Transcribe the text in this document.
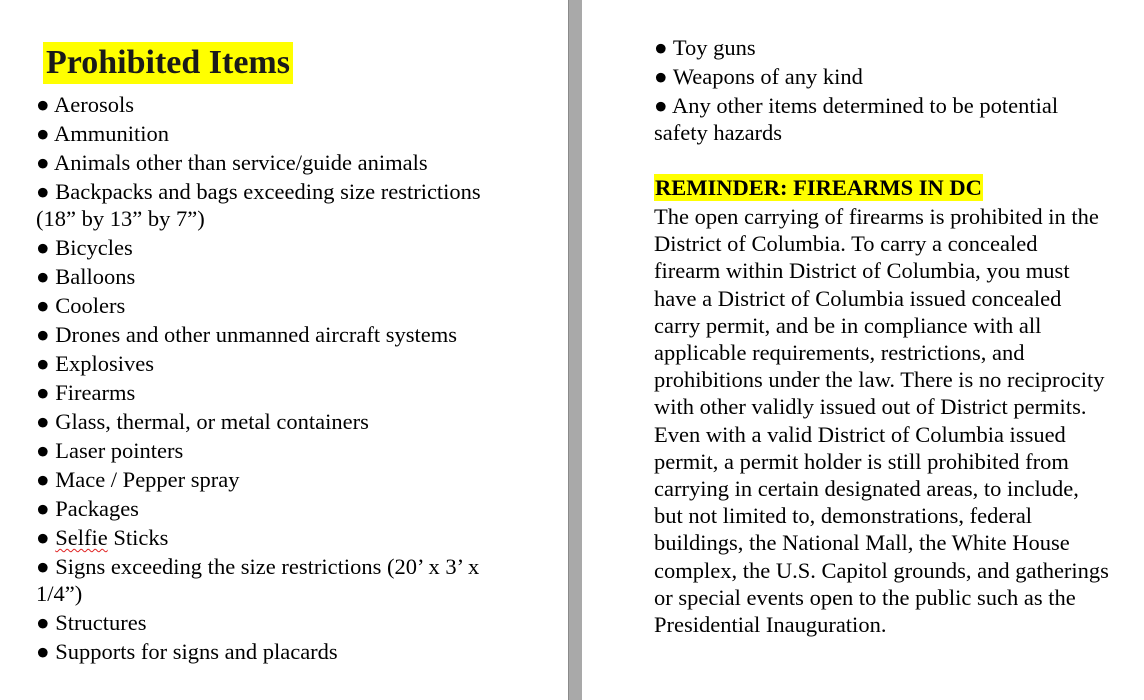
Prohibited Items
● Aerosols
● Ammunition
● Animals other than service/guide animals
● Backpacks and bags exceeding size restrictions (18” by 13” by 7”)
● Bicycles
● Balloons
● Coolers
● Drones and other unmanned aircraft systems
● Explosives
● Firearms
● Glass, thermal, or metal containers
● Laser pointers
● Mace / Pepper spray
● Packages
● Selfie Sticks
● Signs exceeding the size restrictions (20’ x 3’ x 1/4”)
● Structures
● Supports for signs and placards
● Toy guns
● Weapons of any kind
● Any other items determined to be potential safety hazards
REMINDER: FIREARMS IN DC

The open carrying of firearms is prohibited in the District of Columbia. To carry a concealed firearm within District of Columbia, you must have a District of Columbia issued concealed carry permit, and be in compliance with all applicable requirements, restrictions, and prohibitions under the law. There is no reciprocity with other validly issued out of District permits. Even with a valid District of Columbia issued permit, a permit holder is still prohibited from carrying in certain designated areas, to include, but not limited to, demonstrations, federal buildings, the National Mall, the White House complex, the U.S. Capitol grounds, and gatherings or special events open to the public such as the Presidential Inauguration.
